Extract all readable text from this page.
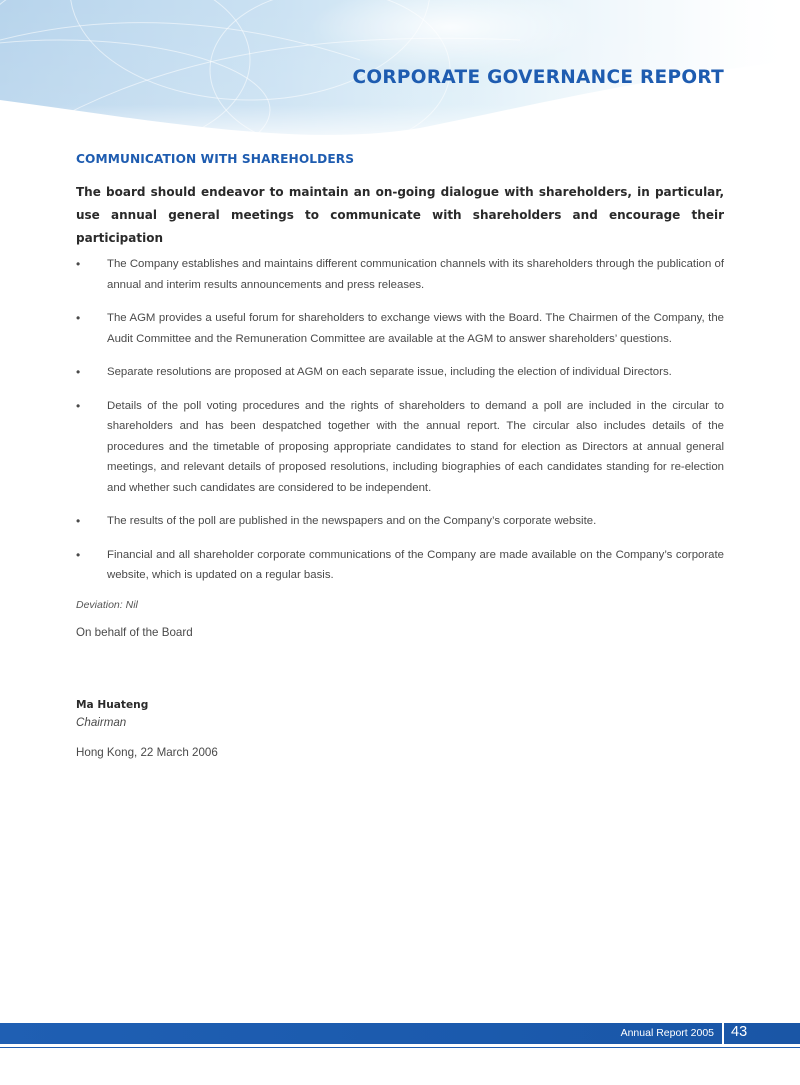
CORPORATE GOVERNANCE REPORT
COMMUNICATION WITH SHAREHOLDERS

The board should endeavor to maintain an on-going dialogue with shareholders, in particular, use annual general meetings to communicate with shareholders and encourage their participation

• The Company establishes and maintains different communication channels with its shareholders through the publication of annual and interim results announcements and press releases.
• The AGM provides a useful forum for shareholders to exchange views with the Board. The Chairmen of the Company, the Audit Committee and the Remuneration Committee are available at the AGM to answer shareholders’ questions.
• Separate resolutions are proposed at AGM on each separate issue, including the election of individual Directors.
• Details of the poll voting procedures and the rights of shareholders to demand a poll are included in the circular to shareholders and has been despatched together with the annual report. The circular also includes details of the procedures and the timetable of proposing appropriate candidates to stand for election as Directors at annual general meetings, and relevant details of proposed resolutions, including biographies of each candidates standing for re-election and whether such candidates are considered to be independent.
• The results of the poll are published in the newspapers and on the Company’s corporate website.
• Financial and all shareholder corporate communications of the Company are made available on the Company’s corporate website, which is updated on a regular basis.

Deviation: Nil

On behalf of the Board

Ma Huateng

Chairman

Hong Kong, 22 March 2006

Annual Report 2005 43
